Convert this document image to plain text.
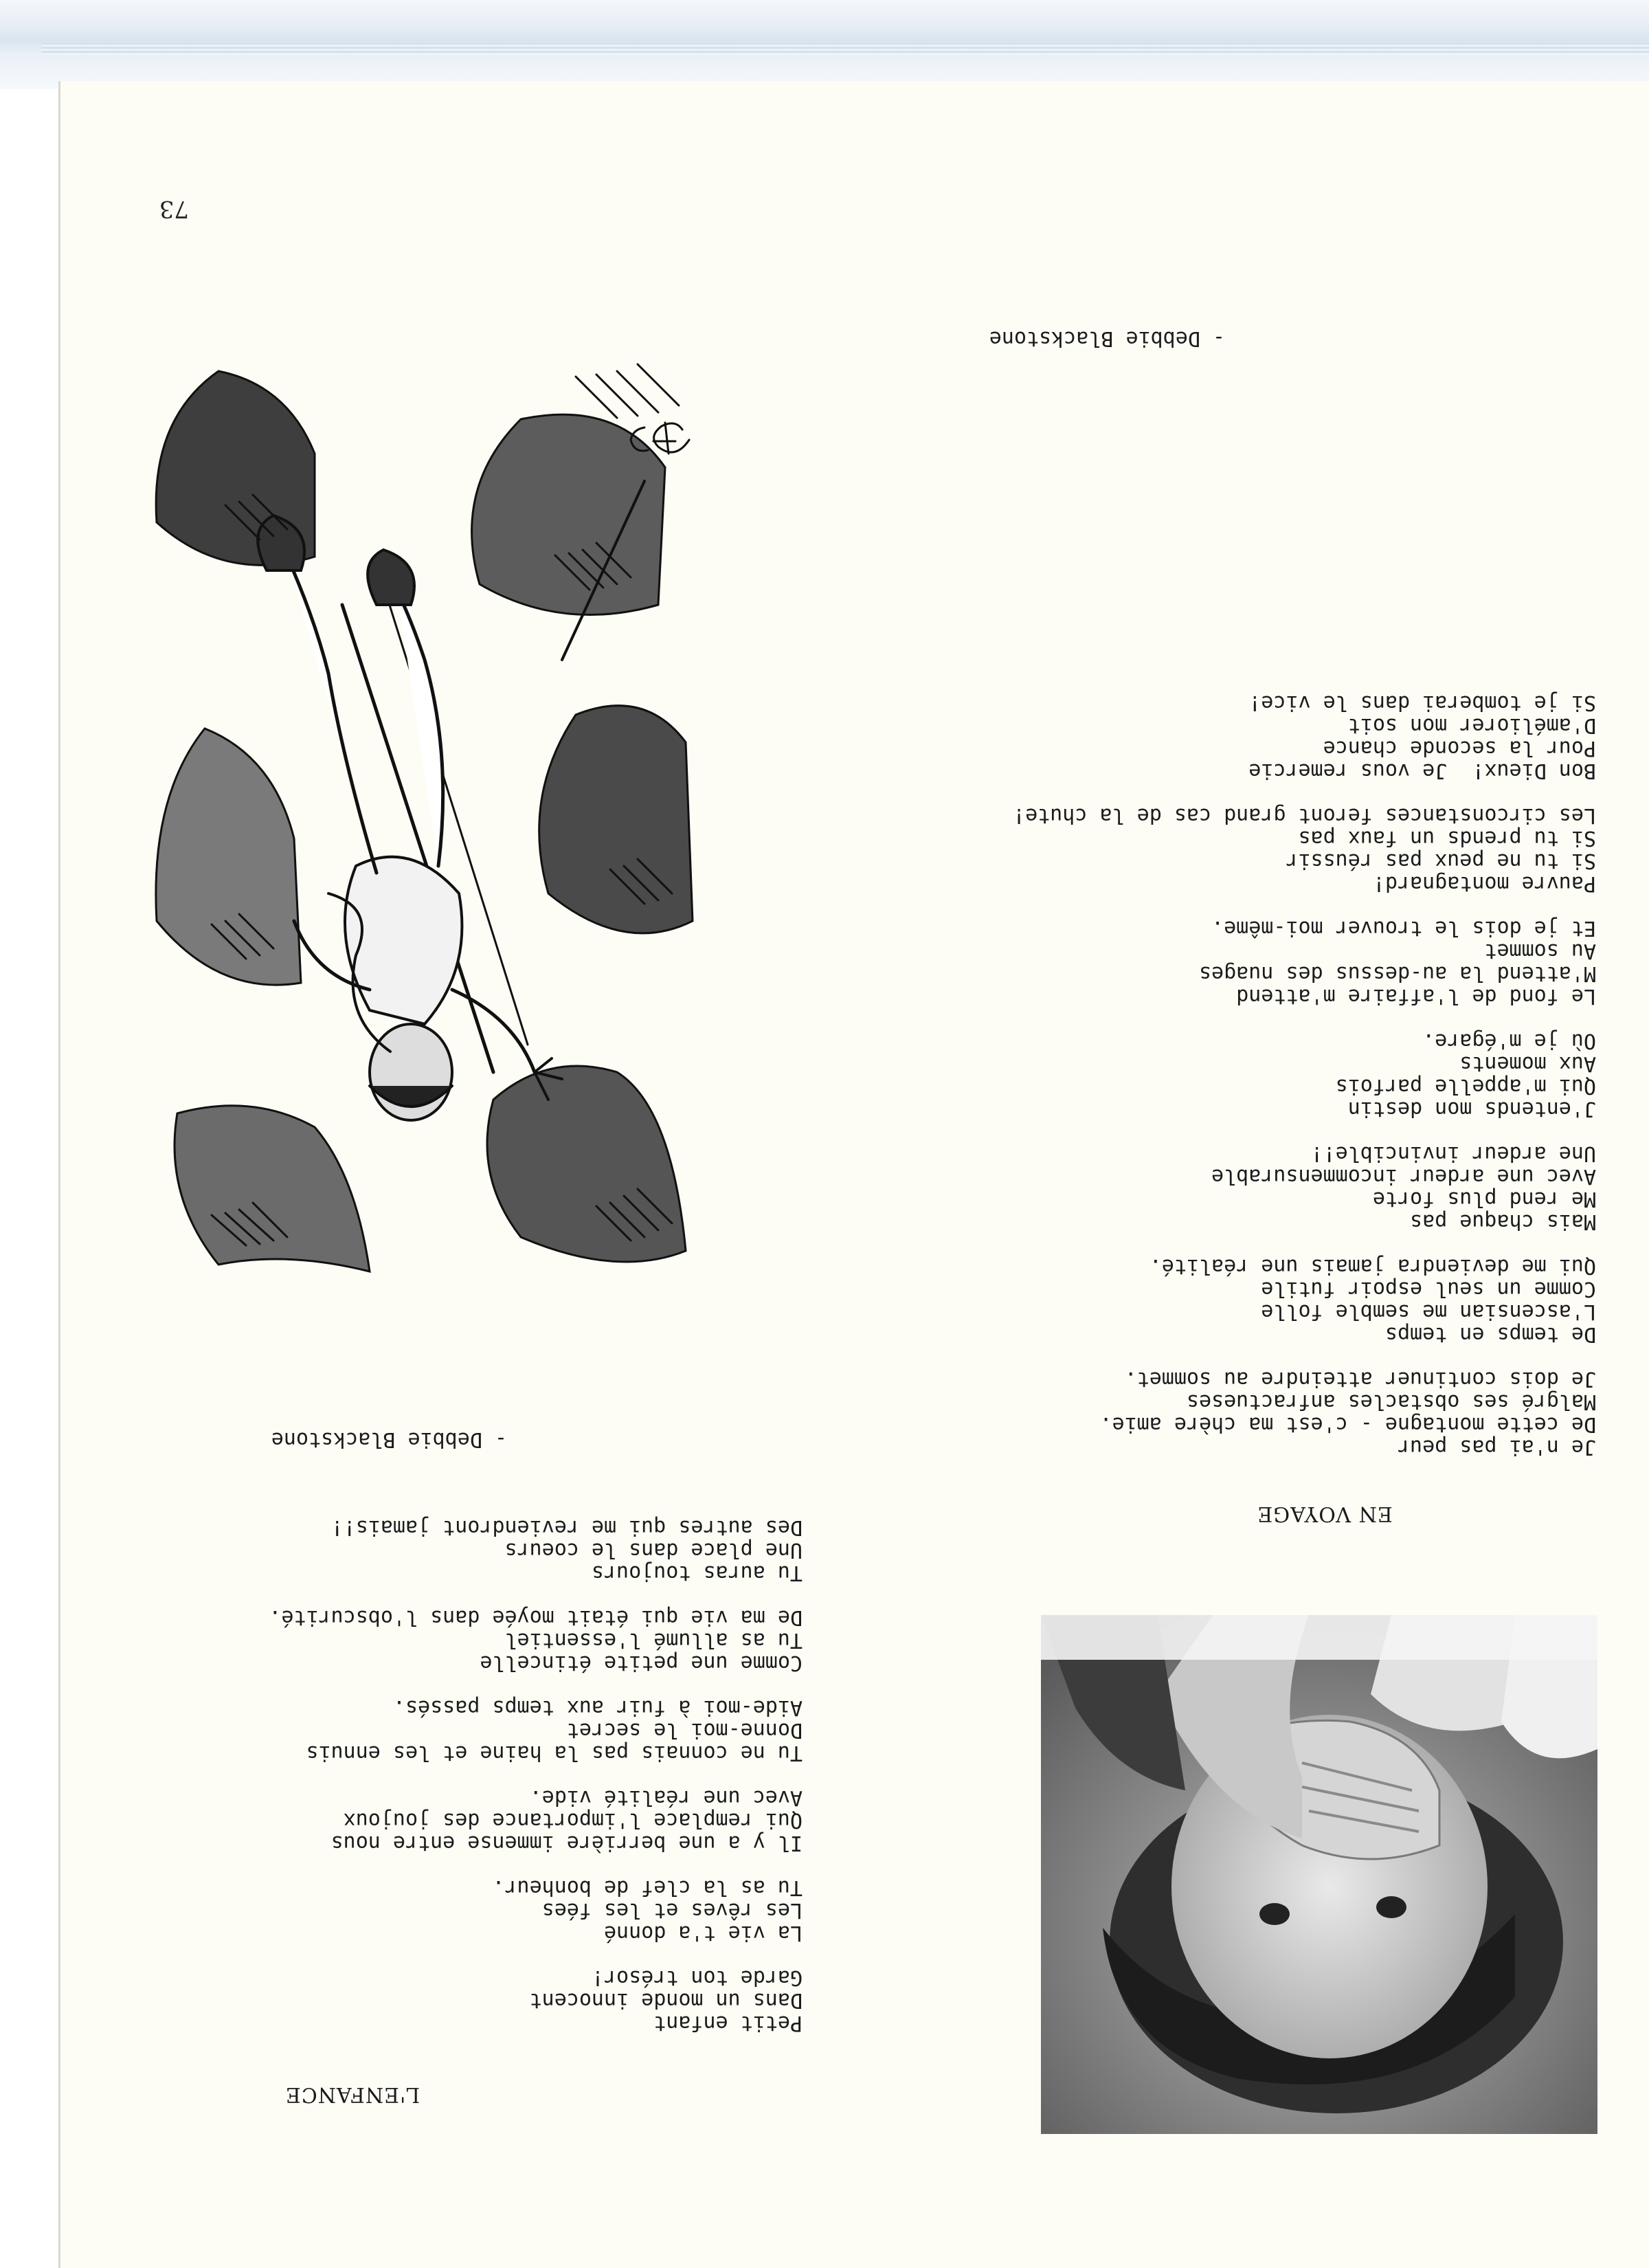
73
L'ENFANCE
Petit enfant
Dans un monde innocent
Garde ton trésor!
La vie t'a donné
Les rêves et les fées
Tu as la clef de bonheur.
Il y a une berrière immense entre nous
Qui remplace l'importance des joujoux
Avec une réalité vide.
Tu ne connais pas la haine et les ennuis
Donne-moi le secret
Aide-moi à fuir aux temps passés.
Comme une petite étincelle
Tu as allumé l'essentiel
De ma vie qui était moyée dans l'obscurité.
Tu auras toujours
Une place dans le coeurs
Des autres qui me reviendront jamais!!
- Debbie Blackstone
EN VOYAGE
Je n'ai pas peur
De cette montagne - c'est ma chère amie.
Malgré ses obstacles anfractueses
Je dois continuer atteindre au sommet.
De temps en temps
L'ascensian me semble folle
Comme un seul espoir futile
Qui me deviendra jamais une réalité.
Mais chaque pas
Me rend plus forte
Avec une ardeur incommensurable
Une ardeur invincible!!
J'entends mon destin
Qui m'appelle parfois
Aux moments
Où je m'égare.
Le fond de l'affaire m'attend
M'attend la au-dessus des nuages
Au sommet
Et je dois le trouver moi-même.
Pauvre montagnard!
Si tu ne peux pas réussir
Si tu prends un faux pas
Les circonstances feront grand cas de la chute!
Bon Dieux!  Je vous remercie
Pour la seconde chance
D'améliorer mon soit
Si je tomberai dans le vice!
- Debbie Blackstone
